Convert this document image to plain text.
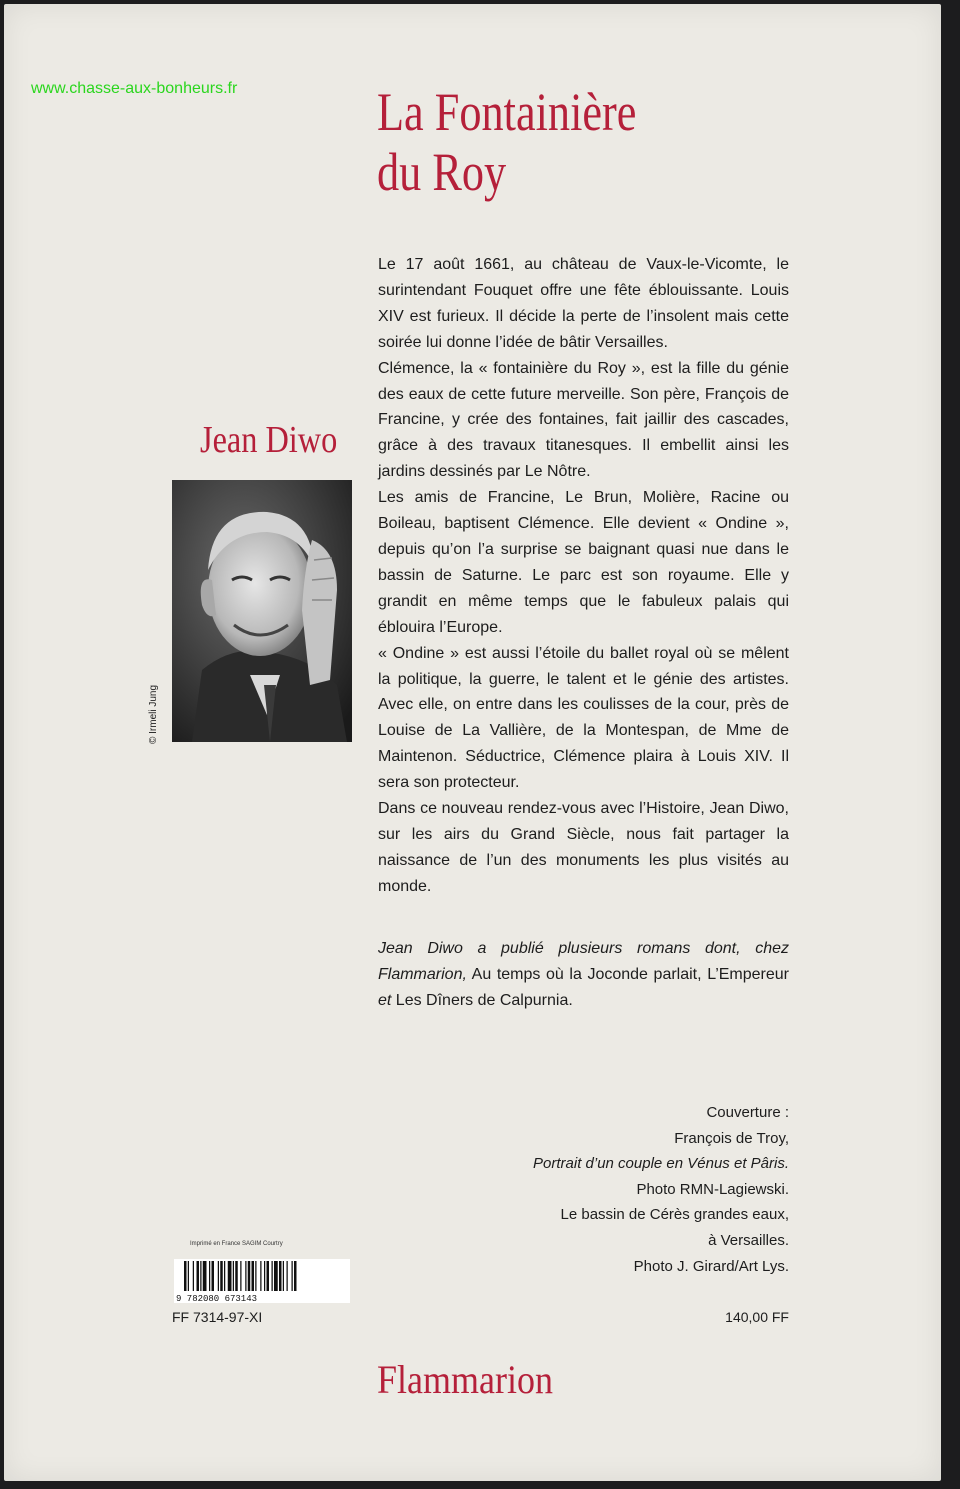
www.chasse-aux-bonheurs.fr	La Fontainière
du Roy
Jean Diwo
© Irmeli Jung

Le 17 août 1661, au château de Vaux-le-Vicomte, le surintendant Fouquet offre une fête éblouissante. Louis XIV est furieux. Il décide la perte de l’insolent mais cette soirée lui donne l’idée de bâtir Versailles.

Clémence, la « fontainière du Roy », est la fille du génie des eaux de cette future merveille. Son père, François de Francine, y crée des fontaines, fait jaillir des cascades, grâce à des travaux titanesques. Il embellit ainsi les jardins dessinés par Le Nôtre.

Les amis de Francine, Le Brun, Molière, Racine ou Boileau, baptisent Clémence. Elle devient « Ondine », depuis qu’on l’a surprise se baignant quasi nue dans le bassin de Saturne. Le parc est son royaume. Elle y grandit en même temps que le fabuleux palais qui éblouira l’Europe.

« Ondine » est aussi l’étoile du ballet royal où se mêlent la politique, la guerre, le talent et le génie des artistes. Avec elle, on entre dans les coulisses de la cour, près de Louise de La Vallière, de la Montespan, de Mme de Maintenon. Séductrice, Clémence plaira à Louis XIV. Il sera son protecteur.

Dans ce nouveau rendez-vous avec l’Histoire, Jean Diwo, sur les airs du Grand Siècle, nous fait partager la naissance de l’un des monuments les plus visités au monde.

Jean Diwo a publié plusieurs romans dont, chez Flammarion, Au temps où la Joconde parlait, L’Empereur et Les Dîners de Calpurnia.

Couverture :
François de Troy,
Portrait d’un couple en Vénus et Pâris.
Photo RMN-Lagiewski.
Le bassin de Cérès grandes eaux,
à Versailles.
Photo J. Girard/Art Lys.
Imprimé en France SAGIM Courtry
9 782080 673143
FF 7314-97-XI	140,00 FF
Flammarion
